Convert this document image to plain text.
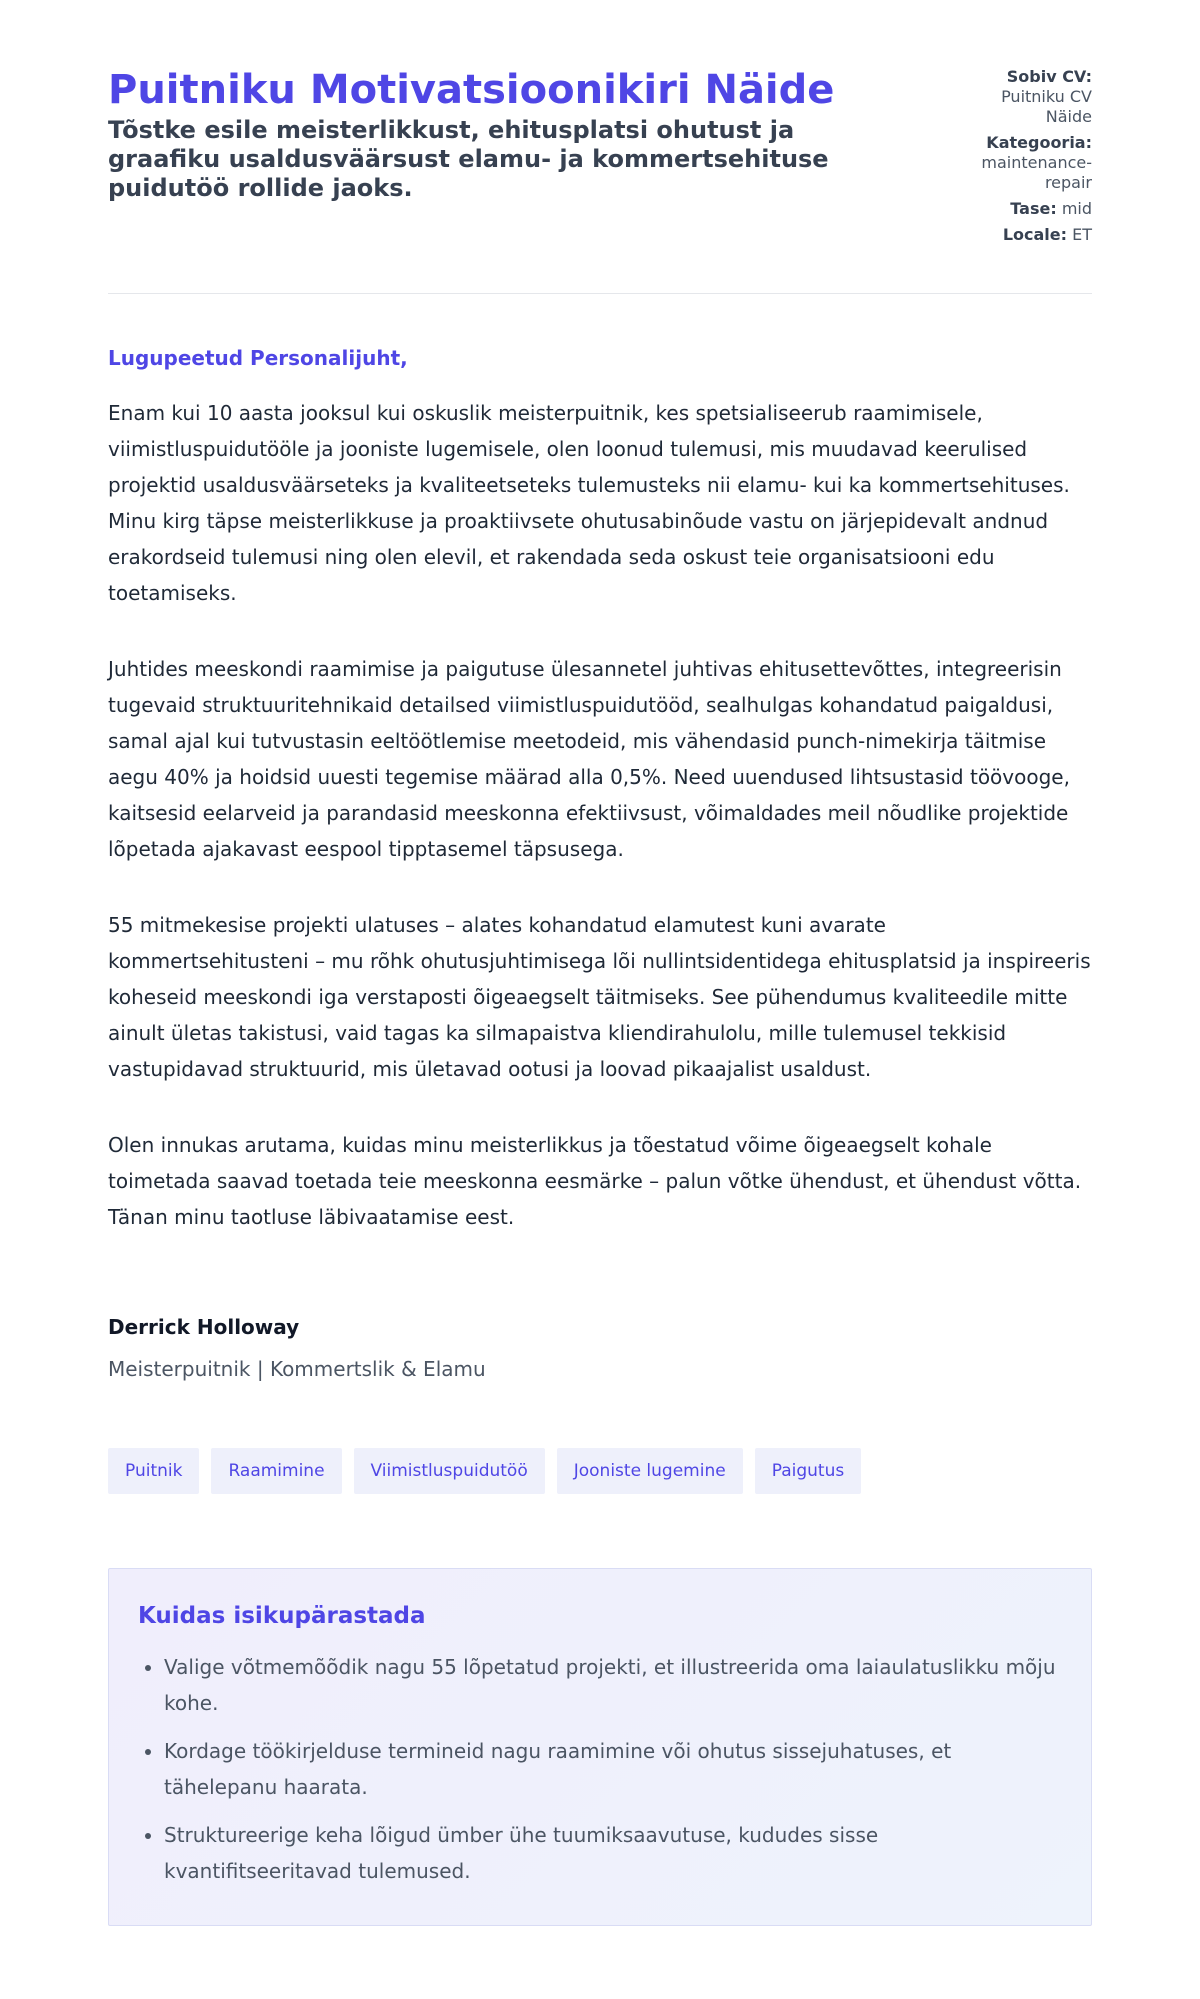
Puitniku Motivatsioonikiri Näide

Tõstke esile meisterlikkust, ehitusplatsi ohutust ja graafiku usaldusväärsust elamu- ja kommertsehituse puidutöö rollide jaoks.

Sobiv CV:
Puitniku CV Näide
Kategooria:
maintenance-repair
Tase: mid
Locale: ET

Lugupeetud Personalijuht,

Enam kui 10 aasta jooksul kui oskuslik meisterpuitnik, kes spetsialiseerub raamimisele, viimistluspuidutööle ja jooniste lugemisele, olen loonud tulemusi, mis muudavad keerulised projektid usaldusväärseteks ja kvaliteetseteks tulemusteks nii elamu- kui ka kommertsehituses. Minu kirg täpse meisterlikkuse ja proaktiivsete ohutusabinõude vastu on järjepidevalt andnud erakordseid tulemusi ning olen elevil, et rakendada seda oskust teie organisatsiooni edu toetamiseks.

Juhtides meeskondi raamimise ja paigutuse ülesannetel juhtivas ehitusettevõttes, integreerisin tugevaid struktuuritehnikaid detailsed viimistluspuidutööd, sealhulgas kohandatud paigaldusi, samal ajal kui tutvustasin eeltöötlemise meetodeid, mis vähendasid punch-nimekirja täitmise aegu 40% ja hoidsid uuesti tegemise määrad alla 0,5%. Need uuendused lihtsustasid töövooge, kaitsesid eelarveid ja parandasid meeskonna efektiivsust, võimaldades meil nõudlike projektide lõpetada ajakavast eespool tipptasemel täpsusega.

55 mitmekesise projekti ulatuses – alates kohandatud elamutest kuni avarate kommertsehitusteni – mu rõhk ohutusjuhtimisega lõi nullintsidentidega ehitusplatsid ja inspireeris koheseid meeskondi iga verstaposti õigeaegselt täitmiseks. See pühendumus kvaliteedile mitte ainult ületas takistusi, vaid tagas ka silmapaistva kliendirahulolu, mille tulemusel tekkisid vastupidavad struktuurid, mis ületavad ootusi ja loovad pikaajalist usaldust.

Olen innukas arutama, kuidas minu meisterlikkus ja tõestatud võime õigeaegselt kohale toimetada saavad toetada teie meeskonna eesmärke – palun võtke ühendust, et ühendust võtta. Tänan minu taotluse läbivaatamise eest.

Derrick Holloway

Meisterpuitnik | Kommertslik & Elamu

Puitnik	Raamimine	Viimistluspuidutöö	Jooniste lugemine	Paigutus
Kuidas isikupärastada
• Valige võtmemõõdik nagu 55 lõpetatud projekti, et illustreerida oma laiaulatuslikku mõju kohe.
• Kordage töökirjelduse termineid nagu raamimine või ohutus sissejuhatuses, et tähelepanu haarata.
• Struktureerige keha lõigud ümber ühe tuumiksaavutuse, kududes sisse kvantifitseeritavad tulemused.
